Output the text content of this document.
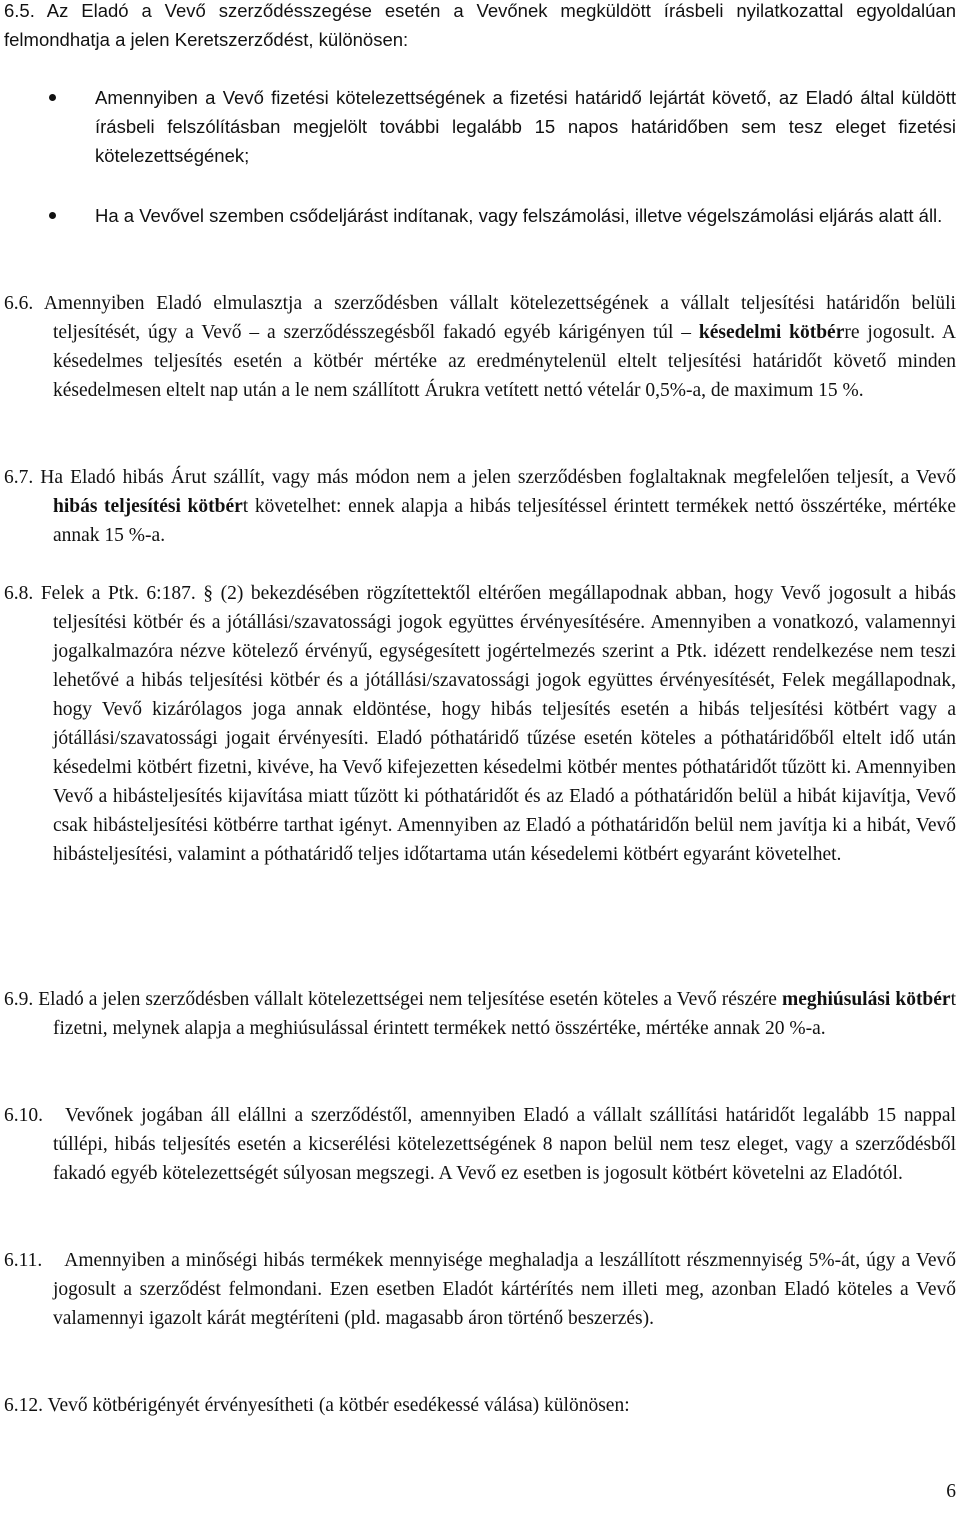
6.5. Az Eladó a Vevő szerződésszegése esetén a Vevőnek megküldött írásbeli nyilatkozattal egyoldalúan felmondhatja a jelen Keretszerződést, különösen:

Amennyiben a Vevő fizetési kötelezettségének a fizetési határidő lejártát követő, az Eladó által küldött írásbeli felszólításban megjelölt további legalább 15 napos határidőben sem tesz eleget fizetési kötelezettségének;
Ha a Vevővel szemben csődeljárást indítanak, vagy felszámolási, illetve végelszámolási eljárás alatt áll.

6.6. Amennyiben Eladó elmulasztja a szerződésben vállalt kötelezettségének a vállalt teljesítési határidőn belüli teljesítését, úgy a Vevő – a szerződésszegésből fakadó egyéb kárigényen túl – késedelmi kötbérre jogosult. A késedelmes teljesítés esetén a kötbér mértéke az eredménytelenül eltelt teljesítési határidőt követő minden késedelmesen eltelt nap után a le nem szállított Árukra vetített nettó vételár 0,5%-a, de maximum 15 %.

6.7. Ha Eladó hibás Árut szállít, vagy más módon nem a jelen szerződésben foglaltaknak megfelelően teljesít, a Vevő hibás teljesítési kötbért követelhet: ennek alapja a hibás teljesítéssel érintett termékek nettó összértéke, mértéke annak 15 %-a.

6.8. Felek a Ptk. 6:187. § (2) bekezdésében rögzítettektől eltérően megállapodnak abban, hogy Vevő jogosult a hibás teljesítési kötbér és a jótállási/szavatossági jogok együttes érvényesítésére. Amennyiben a vonatkozó, valamennyi jogalkalmazóra nézve kötelező érvényű, egységesített jogértelmezés szerint a Ptk. idézett rendelkezése nem teszi lehetővé a hibás teljesítési kötbér és a jótállási/szavatossági jogok együttes érvényesítését, Felek megállapodnak, hogy Vevő kizárólagos joga annak eldöntése, hogy hibás teljesítés esetén a hibás teljesítési kötbért vagy a jótállási/szavatossági jogait érvényesíti. Eladó póthatáridő tűzése esetén köteles a póthatáridőből eltelt idő után késedelmi kötbért fizetni, kivéve, ha Vevő kifejezetten késedelmi kötbér mentes póthatáridőt tűzött ki. Amennyiben Vevő a hibásteljesítés kijavítása miatt tűzött ki póthatáridőt és az Eladó a póthatáridőn belül a hibát kijavítja, Vevő csak hibásteljesítési kötbérre tarthat igényt. Amennyiben az Eladó a póthatáridőn belül nem javítja ki a hibát, Vevő hibásteljesítési, valamint a póthatáridő teljes időtartama után késedelemi kötbért egyaránt követelhet.

6.9. Eladó a jelen szerződésben vállalt kötelezettségei nem teljesítése esetén köteles a Vevő részére meghiúsulási kötbért fizetni, melynek alapja a meghiúsulással érintett termékek nettó összértéke, mértéke annak 20 %-a.

6.10. Vevőnek jogában áll elállni a szerződéstől, amennyiben Eladó a vállalt szállítási határidőt legalább 15 nappal túllépi, hibás teljesítés esetén a kicserélési kötelezettségének 8 napon belül nem tesz eleget, vagy a szerződésből fakadó egyéb kötelezettségét súlyosan megszegi. A Vevő ez esetben is jogosult kötbért követelni az Eladótól.

6.11. Amennyiben a minőségi hibás termékek mennyisége meghaladja a leszállított részmennyiség 5%-át, úgy a Vevő jogosult a szerződést felmondani. Ezen esetben Eladót kártérítés nem illeti meg, azonban Eladó köteles a Vevő valamennyi igazolt kárát megtéríteni (pld. magasabb áron történő beszerzés).

6.12. Vevő kötbérigényét érvényesítheti (a kötbér esedékessé válása) különösen:

6
